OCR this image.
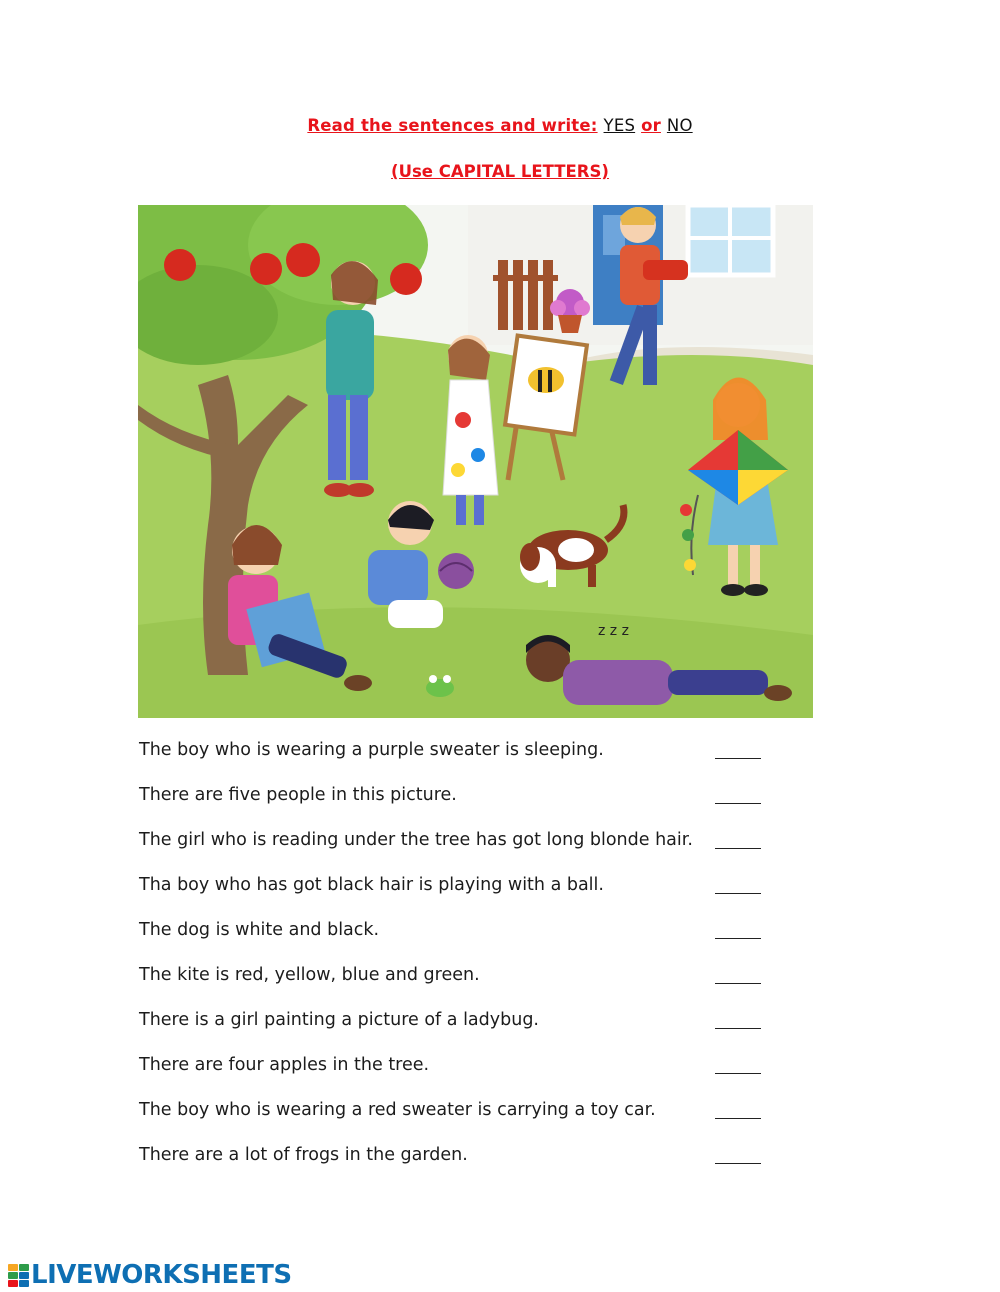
Read the sentences and write: YES or NO
(Use CAPITAL LETTERS)
z z z
The boy who is wearing a purple sweater is sleeping.
There are five people in this picture.
The girl who is reading under the tree has got long blonde hair.
Tha boy who has got black hair is playing with a ball.
The dog is white and black.
The kite is red, yellow, blue and green.
There is a girl painting a picture of a ladybug.
There are four apples in the tree.
The boy who is wearing a red sweater is carrying a toy car.
There are a lot of frogs in the garden.
LIVEWORKSHEETS
